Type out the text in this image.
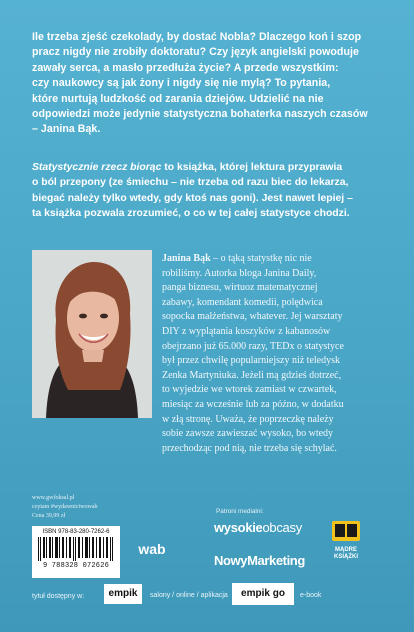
Ile trzeba zjeść czekolady, by dostać Nobla? Dlaczego koń i szop
pracz nigdy nie zrobiły doktoratu? Czy język angielski powoduje
zawały serca, a masło przedłuża życie? A przede wszystkim:
czy naukowcy są jak żony i nigdy się nie mylą? To pytania,
które nurtują ludzkość od zarania dziejów. Udzielić na nie
odpowiedzi może jedynie statystyczna bohaterka naszych czasów
– Janina Bąk.
Statystycznie rzecz biorąc to książka, której lektura przyprawia
o ból przepony (ze śmiechu – nie trzeba od razu biec do lekarza,
biegać należy tylko wtedy, gdy ktoś nas goni). Jest nawet lepiej –
ta książka pozwala zrozumieć, o co w tej całej statystyce chodzi.
Janina Bąk – o tąką statystkę nic nie
robiliśmy. Autorka bloga Janina Daily,
panga biznesu, wirtuoz matematycznej
zabawy, komendant komedii, polędwica
sopocka małżeństwa, whatever. Jej warsztaty
DIY z wyplątania koszyków z kabanosów
obejrzano już 65.000 razy, TEDx o statystyce
był przez chwilę popularniejszy niż teledysk
Zenka Martyniuka. Jeżeli mą gdzieś dotrzeć,
to wyjedzie we wtorek zamiast w czwartek,
miesiąc za wcześnie lub za późno, w dodatku
w złą stronę. Uważa, że poprzeczkę należy
sobie zawsze zawieszać wysoko, bo wtedy
przechodząc pod nią, nie trzeba się schylać.
www.gwfoksal.pl
czytam #wydawnictwowab
Cena 39,99 zł
ISBN 978-83-280-7262-6
9 788328 072626
wab
Patroni medialni:
wysokieobcasy
NowyMarketing
MĄDRE
KSIĄŻKI
tytuł dostępny w:	empik	salony / online / aplikacja	empik go	e-book
